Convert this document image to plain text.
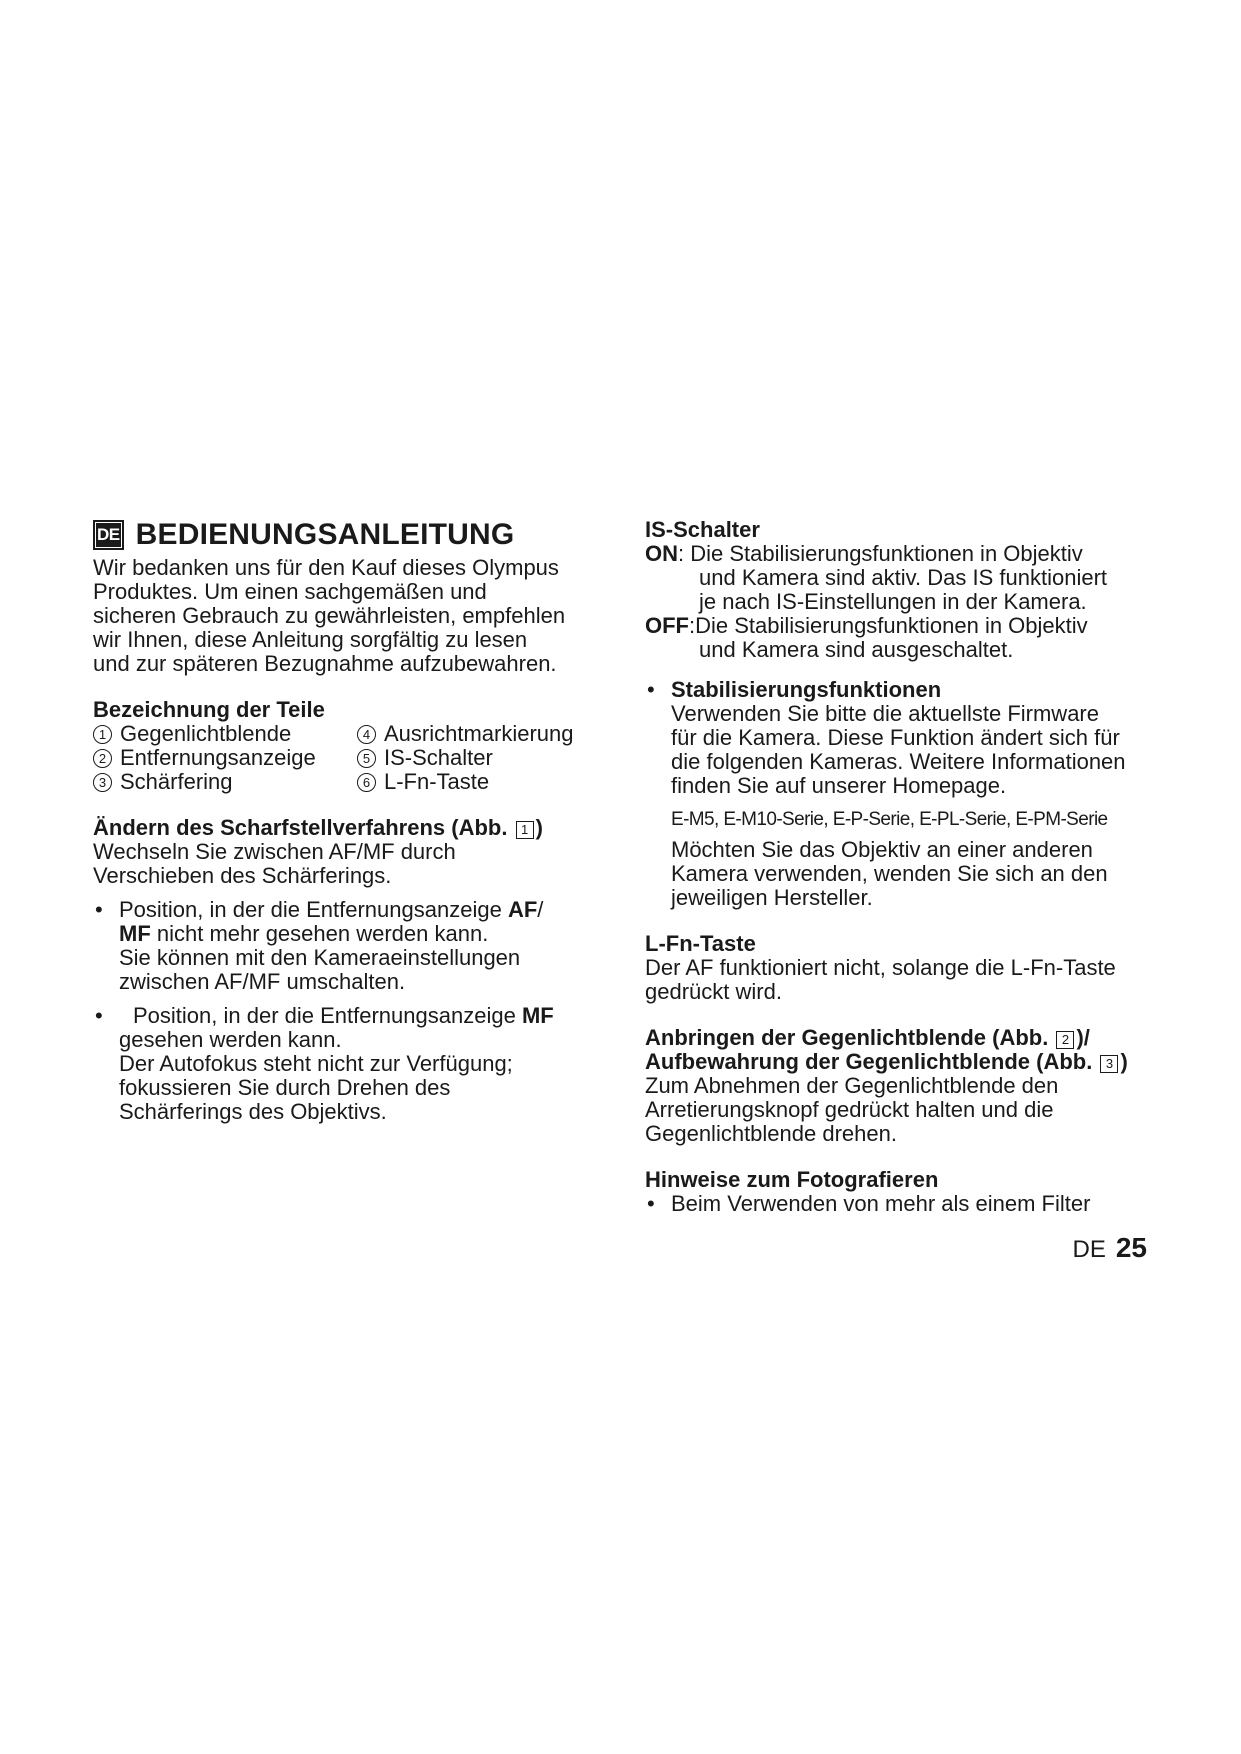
DE BEDIENUNGSANLEITUNG

Wir bedanken uns für den Kauf dieses Olympus

Produktes. Um einen sachgemäßen und

sicheren Gebrauch zu gewährleisten, empfehlen

wir Ihnen, diese Anleitung sorgfältig zu lesen

und zur späteren Bezugnahme aufzubewahren.

Bezeichnung der Teile

1 Gegenlichtblende	4 Ausrichtmarkierung
2 Entfernungsanzeige	5 IS-Schalter
3 Schärfering	6 L-Fn-Taste

Ändern des Scharfstellverfahrens (Abb. 1 )

Wechseln Sie zwischen AF/MF durch

Verschieben des Schärferings.

• Position, in der die Entfernungsanzeige AF/
MF nicht mehr gesehen werden kann.
Sie können mit den Kameraeinstellungen
zwischen AF/MF umschalten.
•	Position, in der die Entfernungsanzeige MF
gesehen werden kann.
Der Autofokus steht nicht zur Verfügung;
fokussieren Sie durch Drehen des
Schärferings des Objektivs.

IS-Schalter

ON: Die Stabilisierungsfunktionen in Objektiv
und Kamera sind aktiv. Das IS funktioniert
je nach IS-Einstellungen in der Kamera.
OFF:Die Stabilisierungsfunktionen in Objektiv
und Kamera sind ausgeschaltet.
• Stabilisierungsfunktionen
Verwenden Sie bitte die aktuellste Firmware
für die Kamera. Diese Funktion ändert sich für
die folgenden Kameras. Weitere Informationen
finden Sie auf unserer Homepage.
E-M5, E-M10-Serie, E-P-Serie, E-PL-Serie, E-PM-Serie
Möchten Sie das Objektiv an einer anderen
Kamera verwenden, wenden Sie sich an den
jeweiligen Hersteller.

L-Fn-Taste

Der AF funktioniert nicht, solange die L-Fn-Taste

gedrückt wird.

Anbringen der Gegenlichtblende (Abb. 2 )/

Aufbewahrung der Gegenlichtblende (Abb. 3 )

Zum Abnehmen der Gegenlichtblende den

Arretierungsknopf gedrückt halten und die

Gegenlichtblende drehen.

Hinweise zum Fotografieren

• Beim Verwenden von mehr als einem Filter
DE 25
